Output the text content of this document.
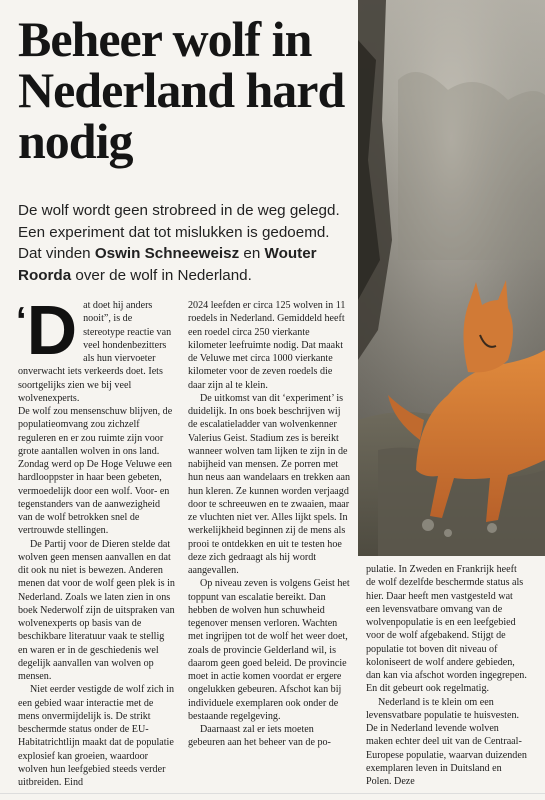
Beheer wolf in Nederland hard nodig

De wolf wordt geen strobreed in de weg gelegd. Een experiment dat tot mislukken is gedoemd. Dat vinden Oswin Schneeweisz en Wouter Roorda over de wolf in Nederland.

‘D at doet hij anders nooit”, is de stereotype reactie van veel hondenbezitters als hun viervoeter onverwacht iets verkeerds doet. Iets soortgelijks zien we bij veel wolvenexperts.

De wolf zou mensenschuw blijven, de populatieomvang zou zichzelf reguleren en er zou ruimte zijn voor grote aantallen wolven in ons land. Zondag werd op De Hoge Veluwe een hardlooppster in haar been gebeten, vermoedelijk door een wolf. Voor- en tegenstanders van de aanwezigheid van de wolf betrokken snel de vertrouwde stellingen.

De Partij voor de Dieren stelde dat wolven geen mensen aanvallen en dat dit ook nu niet is bewezen. Anderen menen dat voor de wolf geen plek is in Nederland. Zoals we laten zien in ons boek Nederwolf zijn de uitspraken van wolvenexperts op basis van de beschikbare literatuur vaak te stellig en waren er in de geschiedenis wel degelijk aanvallen van wolven op mensen.

Niet eerder vestigde de wolf zich in een gebied waar interactie met de mens onvermijdelijk is. De strikt beschermde status onder de EU-Habitatrichtlijn maakt dat de populatie explosief kan groeien, waardoor wolven hun leefgebied steeds verder uitbreiden. Eind

2024 leefden er circa 125 wolven in 11 roedels in Nederland. Gemiddeld heeft een roedel circa 250 vierkante kilometer leefruimte nodig. Dat maakt de Veluwe met circa 1000 vierkante kilometer voor de zeven roedels die daar zijn al te klein.

De uitkomst van dit ‘experiment’ is duidelijk. In ons boek beschrijven wij de escalatieladder van wolvenkenner Valerius Geist. Stadium zes is bereikt wanneer wolven tam lijken te zijn in de nabijheid van mensen. Ze porren met hun neus aan wandelaars en trekken aan hun kleren. Ze kunnen worden verjaagd door te schreeuwen en te zwaaien, maar ze vluchten niet ver. Alles lijkt spels. In werkelijkheid beginnen zij de mens als prooi te ontdekken en uit te testen hoe deze zich gedraagt als hij wordt aangevallen.

Op niveau zeven is volgens Geist het toppunt van escalatie bereikt. Dan hebben de wolven hun schuwheid tegenover mensen verloren. Wachten met ingrijpen tot de wolf het weer doet, zoals de provincie Gelderland wil, is daarom geen goed beleid. De provincie moet in actie komen voordat er ergere ongelukken gebeuren. Afschot kan bij individuele exemplaren ook onder de bestaande regelgeving.

Daarnaast zal er iets moeten gebeuren aan het beheer van de po-

pulatie. In Zweden en Frankrijk heeft de wolf dezelfde beschermde status als hier. Daar heeft men vastgesteld wat een levensvatbare omvang van de wolvenpopulatie is en een leefgebied voor de wolf afgebakend. Stijgt de populatie tot boven dit niveau of koloniseert de wolf andere gebieden, dan kan via afschot worden ingegrepen. En dit gebeurt ook regelmatig.

Nederland is te klein om een levensvatbare populatie te huisvesten. De in Nederland levende wolven maken echter deel uit van de Centraal-Europese populatie, waarvan duizenden exemplaren leven in Duitsland en Polen. Deze
